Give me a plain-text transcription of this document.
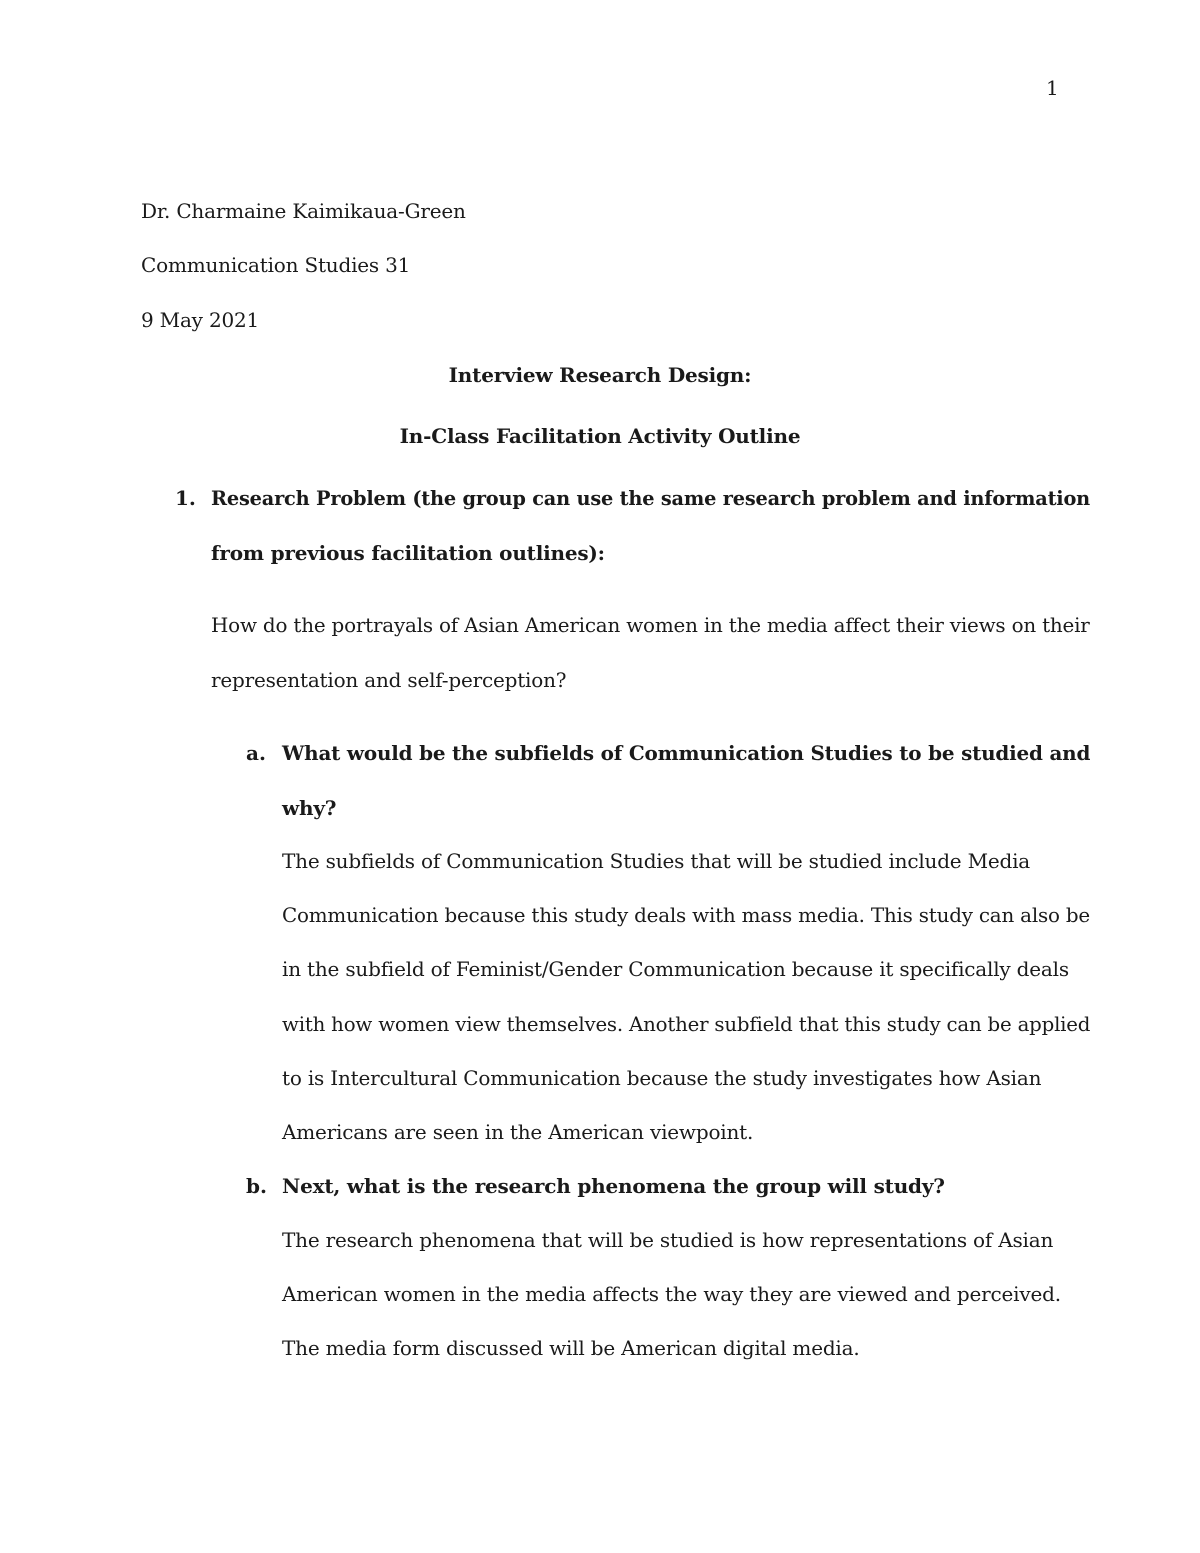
1
Dr. Charmaine Kaimikaua-Green
Communication Studies 31
9 May 2021
Interview Research Design:
In-Class Facilitation Activity Outline
1. Research Problem (the group can use the same research problem and information
from previous facilitation outlines):
How do the portrayals of Asian American women in the media affect their views on their
representation and self-perception?
a. What would be the subfields of Communication Studies to be studied and
why?
The subfields of Communication Studies that will be studied include Media
Communication because this study deals with mass media. This study can also be
in the subfield of Feminist/Gender Communication because it specifically deals
with how women view themselves. Another subfield that this study can be applied
to is Intercultural Communication because the study investigates how Asian
Americans are seen in the American viewpoint.
b. Next, what is the research phenomena the group will study?
The research phenomena that will be studied is how representations of Asian
American women in the media affects the way they are viewed and perceived.
The media form discussed will be American digital media.
